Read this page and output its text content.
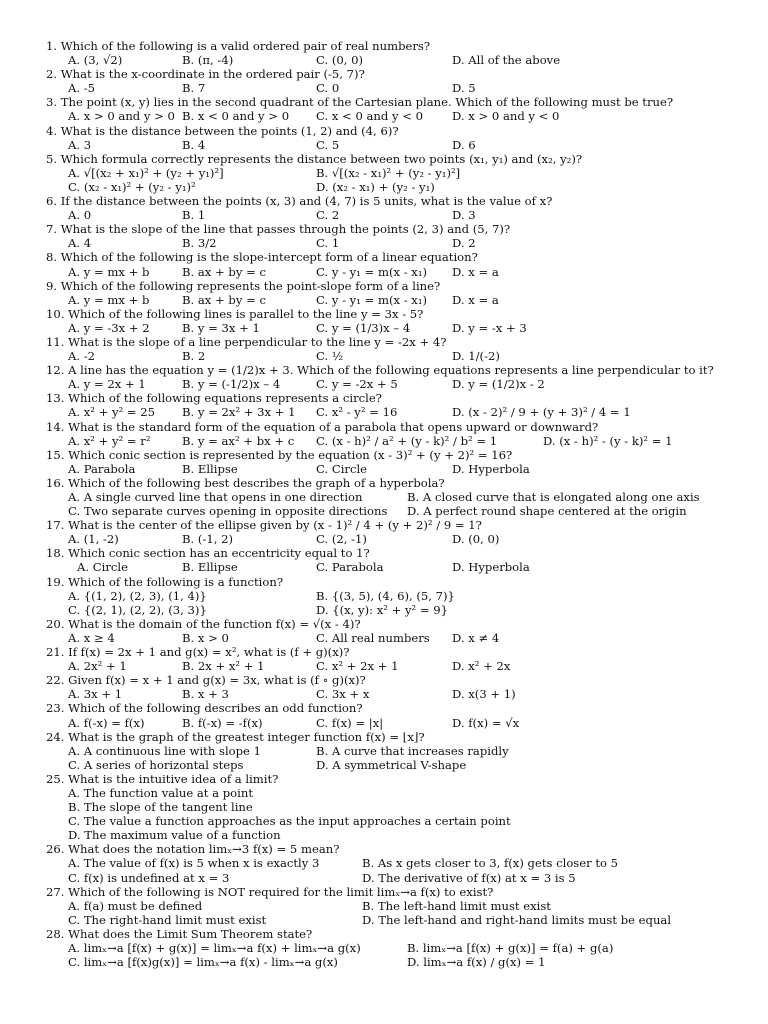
1. Which of the following is a valid ordered pair of real numbers?
A. (3, √2)	B. (π, -4)	C. (0, 0)	D. All of the above
2. What is the x-coordinate in the ordered pair (-5, 7)?
A. -5	B. 7	C. 0	D. 5
3. The point (x, y) lies in the second quadrant of the Cartesian plane. Which of the following must be true?
A. x > 0 and y > 0 B. x < 0 and y > 0 C. x < 0 and y < 0 D. x > 0 and y < 0
4. What is the distance between the points (1, 2) and (4, 6)?
A. 3	B. 4	C. 5	D. 6
5. Which formula correctly represents the distance between two points (x₁, y₁) and (x₂, y₂)?
A. √[(x₂ + x₁)² + (y₂ + y₁)²]	B. √[(x₂ - x₁)² + (y₂ - y₁)²]
C. (x₂ - x₁)² + (y₂ - y₁)²	D. (x₂ - x₁) + (y₂ - y₁)
6. If the distance between the points (x, 3) and (4, 7) is 5 units, what is the value of x?
A. 0	B. 1	C. 2	D. 3
7. What is the slope of the line that passes through the points (2, 3) and (5, 7)?
A. 4	B. 3/2	C. 1	D. 2
8. Which of the following is the slope-intercept form of a linear equation?
A. y = mx + b	B. ax + by = c	C. y - y₁ = m(x - x₁) D. x = a
9. Which of the following represents the point-slope form of a line?
A. y = mx + b	B. ax + by = c	C. y - y₁ = m(x - x₁) D. x = a
10. Which of the following lines is parallel to the line y = 3x - 5?
A. y = -3x + 2	B. y = 3x + 1	C. y = (1/3)x – 4	D. y = -x + 3
11. What is the slope of a line perpendicular to the line y = -2x + 4?
A. -2	B. 2	C. ½	D. 1/(-2)
12. A line has the equation y = (1/2)x + 3. Which of the following equations represents a line perpendicular to it?
A. y = 2x + 1	B. y = (-1/2)x – 4	C. y = -2x + 5	D. y = (1/2)x - 2
13. Which of the following equations represents a circle?
A. x² + y² = 25 B. y = 2x² + 3x + 1 C. x² - y² = 16	D. (x - 2)² / 9 + (y + 3)² / 4 = 1
14. What is the standard form of the equation of a parabola that opens upward or downward?
A. x² + y² = r²	B. y = ax² + bx + c C. (x - h)² / a² + (y - k)² / b² = 1	D. (x - h)² - (y - k)² = 1
15. Which conic section is represented by the equation (x - 3)² + (y + 2)² = 16?
A. Parabola	B. Ellipse	C. Circle	D. Hyperbola
16. Which of the following best describes the graph of a hyperbola?
A. A single curved line that opens in one direction	B. A closed curve that is elongated along one axis
C. Two separate curves opening in opposite directions D. A perfect round shape centered at the origin
17. What is the center of the ellipse given by (x - 1)² / 4 + (y + 2)² / 9 = 1?
A. (1, -2)	B. (-1, 2)	C. (2, -1)	D. (0, 0)
18. Which conic section has an eccentricity equal to 1?
A. Circle	B. Ellipse	C. Parabola	D. Hyperbola
19. Which of the following is a function?
A. {(1, 2), (2, 3), (1, 4)}	B. {(3, 5), (4, 6), (5, 7)}
C. {(2, 1), (2, 2), (3, 3)}	D. {(x, y): x² + y² = 9}
20. What is the domain of the function f(x) = √(x - 4)?
A. x ≥ 4	B. x > 0	C. All real numbers D. x ≠ 4
21. If f(x) = 2x + 1 and g(x) = x², what is (f + g)(x)?
A. 2x² + 1	B. 2x + x² + 1	C. x² + 2x + 1	D. x² + 2x
22. Given f(x) = x + 1 and g(x) = 3x, what is (f ∘ g)(x)?
A. 3x + 1	B. x + 3	C. 3x + x	D. x(3 + 1)
23. Which of the following describes an odd function?
A. f(-x) = f(x)	B. f(-x) = -f(x)	C. f(x) = |x|	D. f(x) = √x
24. What is the graph of the greatest integer function f(x) = ⌊x⌋?
A. A continuous line with slope 1	B. A curve that increases rapidly
C. A series of horizontal steps	D. A symmetrical V-shape
25. What is the intuitive idea of a limit?
A. The function value at a point
B. The slope of the tangent line
C. The value a function approaches as the input approaches a certain point
D. The maximum value of a function
26. What does the notation limₓ→3 f(x) = 5 mean?
A. The value of f(x) is 5 when x is exactly 3	B. As x gets closer to 3, f(x) gets closer to 5
C. f(x) is undefined at x = 3	D. The derivative of f(x) at x = 3 is 5
27. Which of the following is NOT required for the limit limₓ→a f(x) to exist?
A. f(a) must be defined	B. The left-hand limit must exist
C. The right-hand limit must exist	D. The left-hand and right-hand limits must be equal
28. What does the Limit Sum Theorem state?
A. limₓ→a [f(x) + g(x)] = limₓ→a f(x) + limₓ→a g(x)	B. limₓ→a [f(x) + g(x)] = f(a) + g(a)
C. limₓ→a [f(x)g(x)] = limₓ→a f(x) - limₓ→a g(x)	D. limₓ→a f(x) / g(x) = 1
